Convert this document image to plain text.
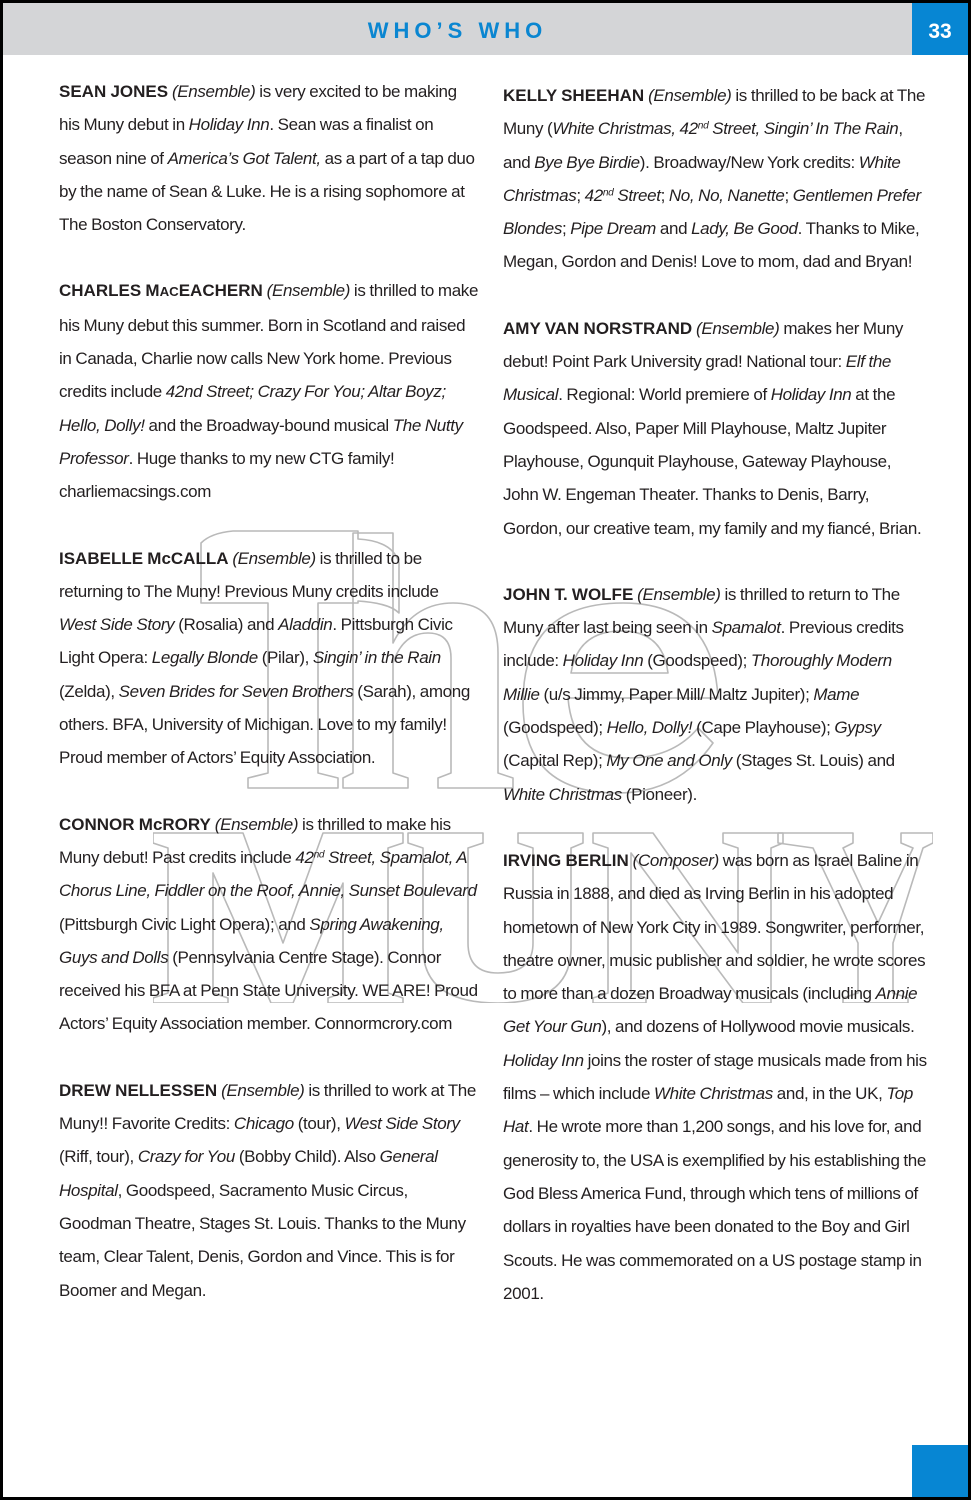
WHO’S WHO	33

SEAN JONES (Ensemble) is very excited to be making his Muny debut in Holiday Inn. Sean was a finalist on season nine of America’s Got Talent, as a part of a tap duo by the name of Sean & Luke. He is a rising sophomore at The Boston Conservatory.

CHARLES MACEACHERN (Ensemble) is thrilled to make his Muny debut this summer. Born in Scotland and raised in Canada, Charlie now calls New York home. Previous credits include 42nd Street; Crazy For You; Altar Boyz; Hello, Dolly! and the Broadway-bound musical The Nutty Professor. Huge thanks to my new CTG family! charliemacsings.com

ISABELLE McCALLA (Ensemble) is thrilled to be returning to The Muny! Previous Muny credits include West Side Story (Rosalia) and Aladdin. Pittsburgh Civic Light Opera: Legally Blonde (Pilar), Singin’ in the Rain (Zelda), Seven Brides for Seven Brothers (Sarah), among others. BFA, University of Michigan. Love to my family! Proud member of Actors’ Equity Association.

CONNOR McRORY (Ensemble) is thrilled to make his Muny debut! Past credits include 42nd Street, Spamalot, A Chorus Line, Fiddler on the Roof, Annie, Sunset Boulevard (Pittsburgh Civic Light Opera); and Spring Awakening, Guys and Dolls (Pennsylvania Centre Stage). Connor received his BFA at Penn State University. WE ARE! Proud Actors’ Equity Association member. Connormcrory.com

DREW NELLESSEN (Ensemble) is thrilled to work at The Muny!! Favorite Credits: Chicago (tour), West Side Story (Riff, tour), Crazy for You (Bobby Child). Also General Hospital, Goodspeed, Sacramento Music Circus, Goodman Theatre, Stages St. Louis. Thanks to the Muny team, Clear Talent, Denis, Gordon and Vince. This is for Boomer and Megan.

KELLY SHEEHAN (Ensemble) is thrilled to be back at The Muny (White Christmas, 42nd Street, Singin’ In The Rain, and Bye Bye Birdie). Broadway/New York credits: White Christmas; 42nd Street; No, No, Nanette; Gentlemen Prefer Blondes; Pipe Dream and Lady, Be Good. Thanks to Mike, Megan, Gordon and Denis! Love to mom, dad and Bryan!

AMY VAN NORSTRAND (Ensemble) makes her Muny debut! Point Park University grad! National tour: Elf the Musical. Regional: World premiere of Holiday Inn at the Goodspeed. Also, Paper Mill Playhouse, Maltz Jupiter Playhouse, Ogunquit Playhouse, Gateway Playhouse, John W. Engeman Theater. Thanks to Denis, Barry, Gordon, our creative team, my family and my fiancé, Brian.

JOHN T. WOLFE (Ensemble) is thrilled to return to The Muny after last being seen in Spamalot. Previous credits include: Holiday Inn (Goodspeed); Thoroughly Modern Millie (u/s Jimmy, Paper Mill/ Maltz Jupiter); Mame (Goodspeed); Hello, Dolly! (Cape Playhouse); Gypsy (Capital Rep); My One and Only (Stages St. Louis) and White Christmas (Pioneer).

IRVING BERLIN (Composer) was born as Israel Baline in Russia in 1888, and died as Irving Berlin in his adopted hometown of New York City in 1989. Songwriter, performer, theatre owner, music publisher and soldier, he wrote scores to more than a dozen Broadway musicals (including Annie Get Your Gun), and dozens of Hollywood movie musicals. Holiday Inn joins the roster of stage musicals made from his films – which include White Christmas and, in the UK, Top Hat. He wrote more than 1,200 songs, and his love for, and generosity to, the USA is exemplified by his establishing the God Bless America Fund, through which tens of millions of dollars in royalties have been donated to the Boy and Girl Scouts. He was commemorated on a US postage stamp in 2001.
